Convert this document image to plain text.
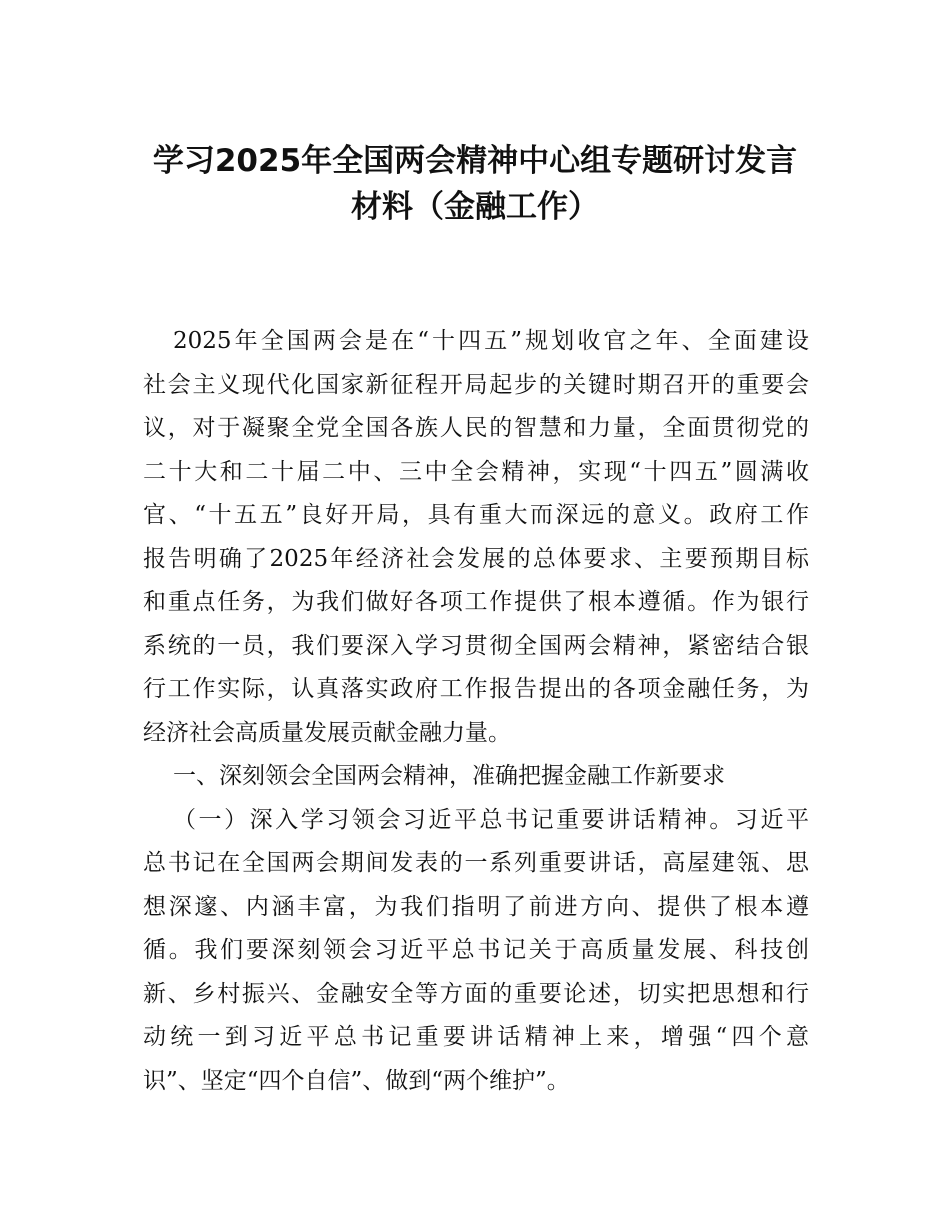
学习2025年全国两会精神中心组专题研讨发言
材料（金融工作）
2025年全国两会是在“十四五”规划收官之年、全面建设
社会主义现代化国家新征程开局起步的关键时期召开的重要会
议，对于凝聚全党全国各族人民的智慧和力量，全面贯彻党的
二十大和二十届二中、三中全会精神，实现“十四五”圆满收
官、“十五五”良好开局，具有重大而深远的意义。政府工作
报告明确了2025年经济社会发展的总体要求、主要预期目标
和重点任务，为我们做好各项工作提供了根本遵循。作为银行
系统的一员，我们要深入学习贯彻全国两会精神，紧密结合银
行工作实际，认真落实政府工作报告提出的各项金融任务，为
经济社会高质量发展贡献金融力量。
一、深刻领会全国两会精神，准确把握金融工作新要求
（一）深入学习领会习近平总书记重要讲话精神。习近平
总书记在全国两会期间发表的一系列重要讲话，高屋建瓴、思
想深邃、内涵丰富，为我们指明了前进方向、提供了根本遵
循。我们要深刻领会习近平总书记关于高质量发展、科技创
新、乡村振兴、金融安全等方面的重要论述，切实把思想和行
动统一到习近平总书记重要讲话精神上来，增强“四个意
识”、坚定“四个自信”、做到“两个维护”。
